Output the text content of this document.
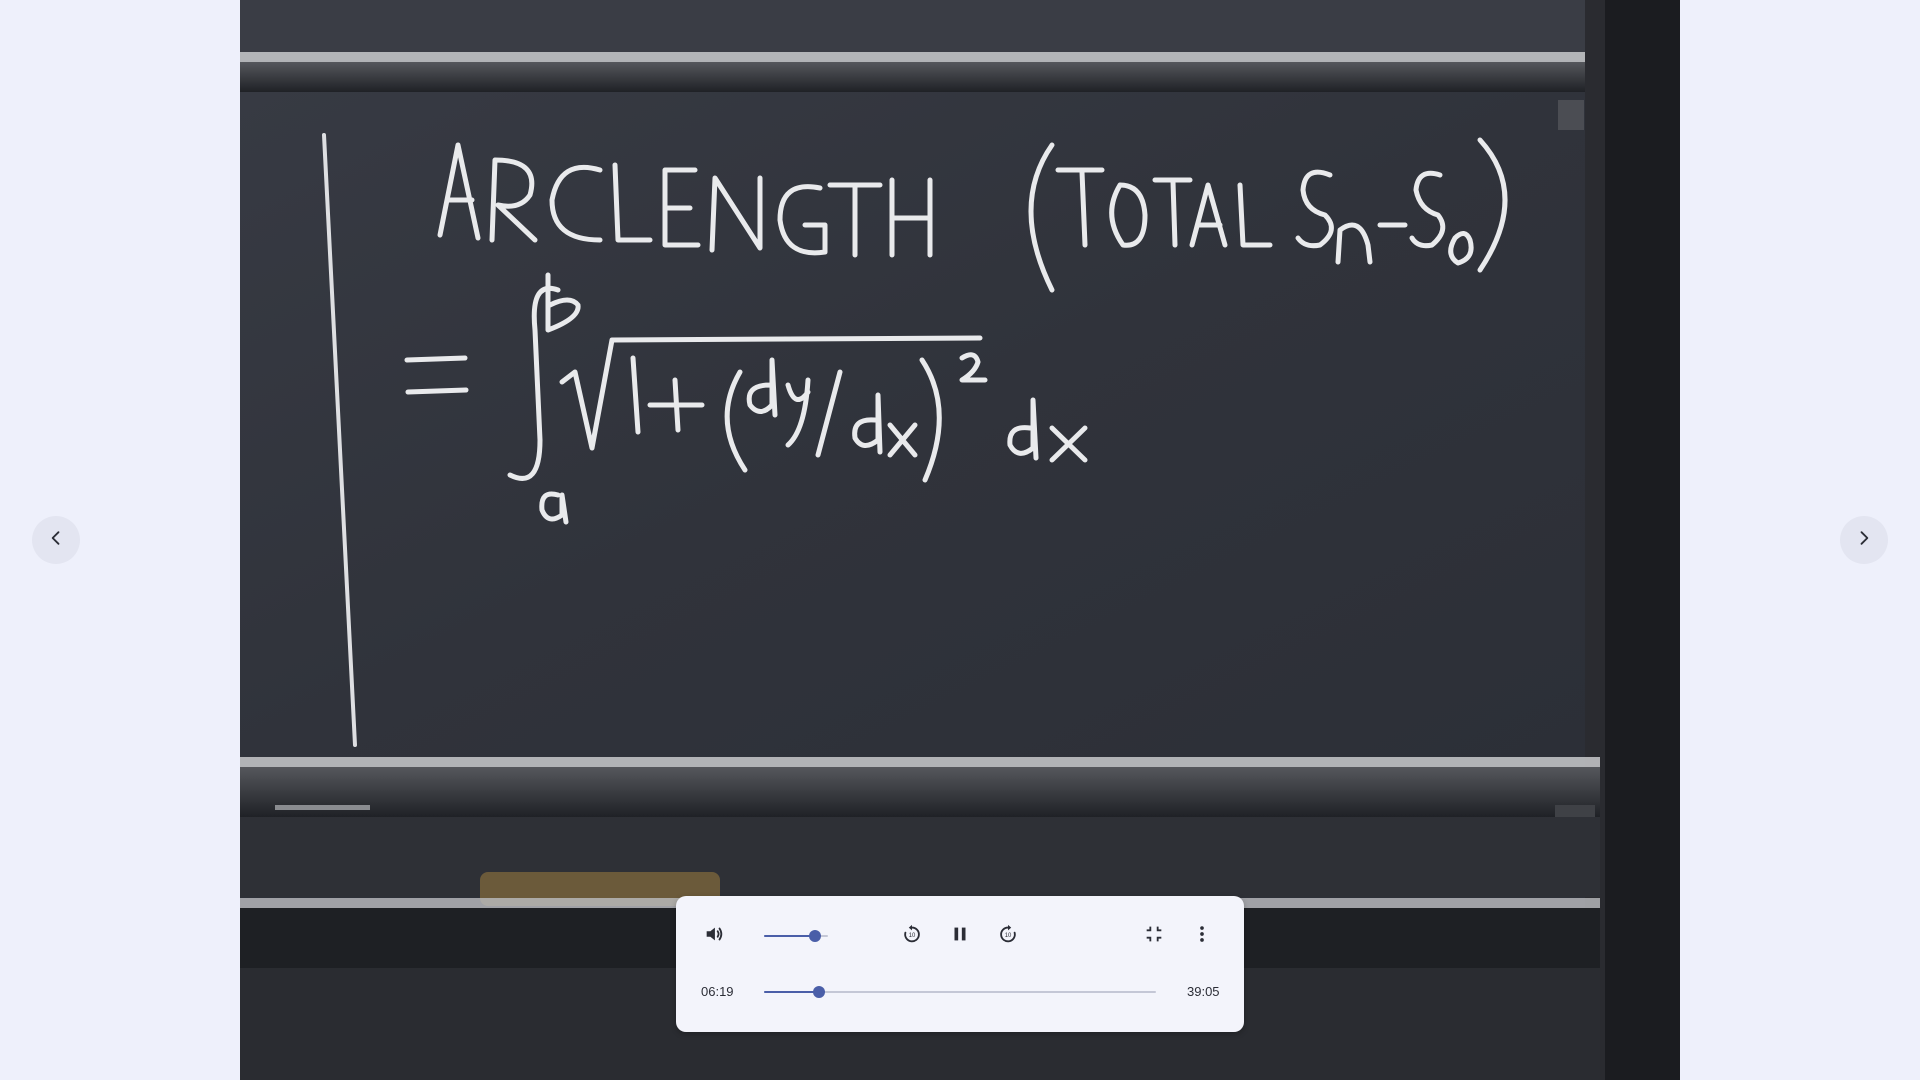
10	10
06:19	39:05
